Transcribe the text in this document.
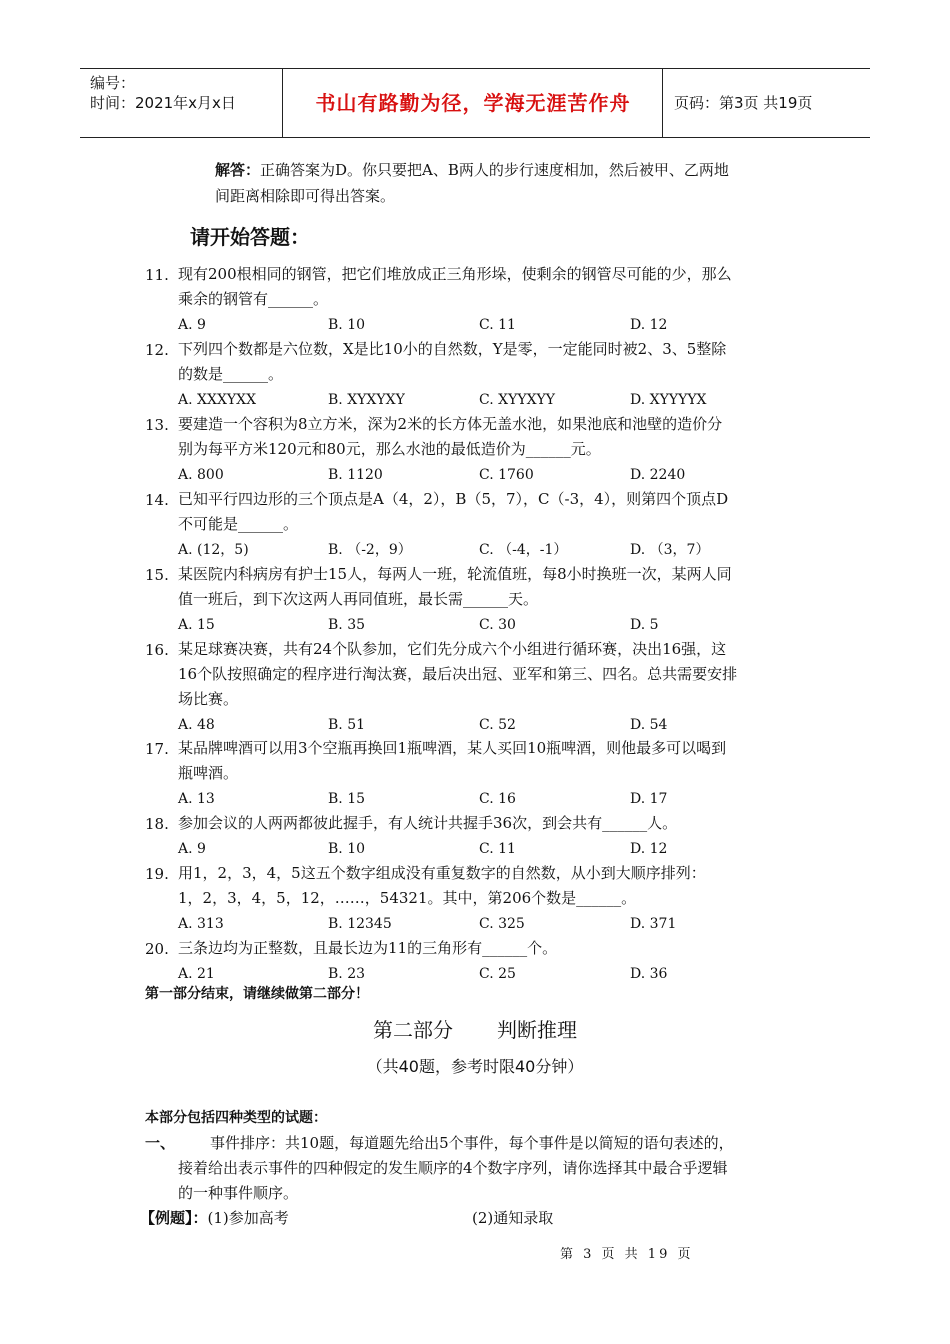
编号：
时间：2021年x月x日	书山有路勤为径，学海无涯苦作舟	页码：第3页 共19页
解答：正确答案为D。你只要把A、B两人的步行速度相加，然后被甲、乙两地
间距离相除即可得出答案。
请开始答题：
11. 现有200根相同的钢管，把它们堆放成正三角形垛，使剩余的钢管尽可能的少，那么
乘余的钢管有______。
A. 9	B. 10	C. 11	D. 12
12. 下列四个数都是六位数，X是比10小的自然数，Y是零，一定能同时被2、3、5整除
的数是______。
A. XXXYXX	B. XYXYXY	C. XYYXYY	D. XYYYYX
13. 要建造一个容积为8立方米，深为2米的长方体无盖水池，如果池底和池壁的造价分
别为每平方米120元和80元，那么水池的最低造价为______元。
A. 800	B. 1120	C. 1760	D. 2240
14. 已知平行四边形的三个顶点是A（4，2），B（5，7），C（-3，4），则第四个顶点D
不可能是______。
A. (12，5)	B. （-2，9）	C. （-4，-1）	D. （3，7）
15. 某医院内科病房有护士15人，每两人一班，轮流值班，每8小时换班一次，某两人同
值一班后，到下次这两人再同值班，最长需______天。
A. 15	B. 35	C. 30	D. 5
16. 某足球赛决赛，共有24个队参加，它们先分成六个小组进行循环赛，决出16强，这
16个队按照确定的程序进行淘汰赛，最后决出冠、亚军和第三、四名。总共需要安排
场比赛。
A. 48	B. 51	C. 52	D. 54
17. 某品牌啤酒可以用3个空瓶再换回1瓶啤酒，某人买回10瓶啤酒，则他最多可以喝到
瓶啤酒。
A. 13	B. 15	C. 16	D. 17
18. 参加会议的人两两都彼此握手，有人统计共握手36次，到会共有______人。
A. 9	B. 10	C. 11	D. 12
19. 用1，2，3，4，5这五个数字组成没有重复数字的自然数，从小到大顺序排列：
1，2，3，4，5，12，……，54321。其中，第206个数是______。
A. 313	B. 12345	C. 325	D. 371
20. 三条边均为正整数，且最长边为11的三角形有______个。
A. 21	B. 23	C. 25	D. 36
第一部分结束，请继续做第二部分！
第二部分 判断推理
（共40题，参考时限40分钟）
本部分包括四种类型的试题：
一、 事件排序：共10题，每道题先给出5个事件，每个事件是以简短的语句表述的，
接着给出表示事件的四种假定的发生顺序的4个数字序列，请你选择其中最合乎逻辑
的一种事件顺序。
【例题】：(1)参加高考	(2)通知录取
第 3 页 共 19 页
